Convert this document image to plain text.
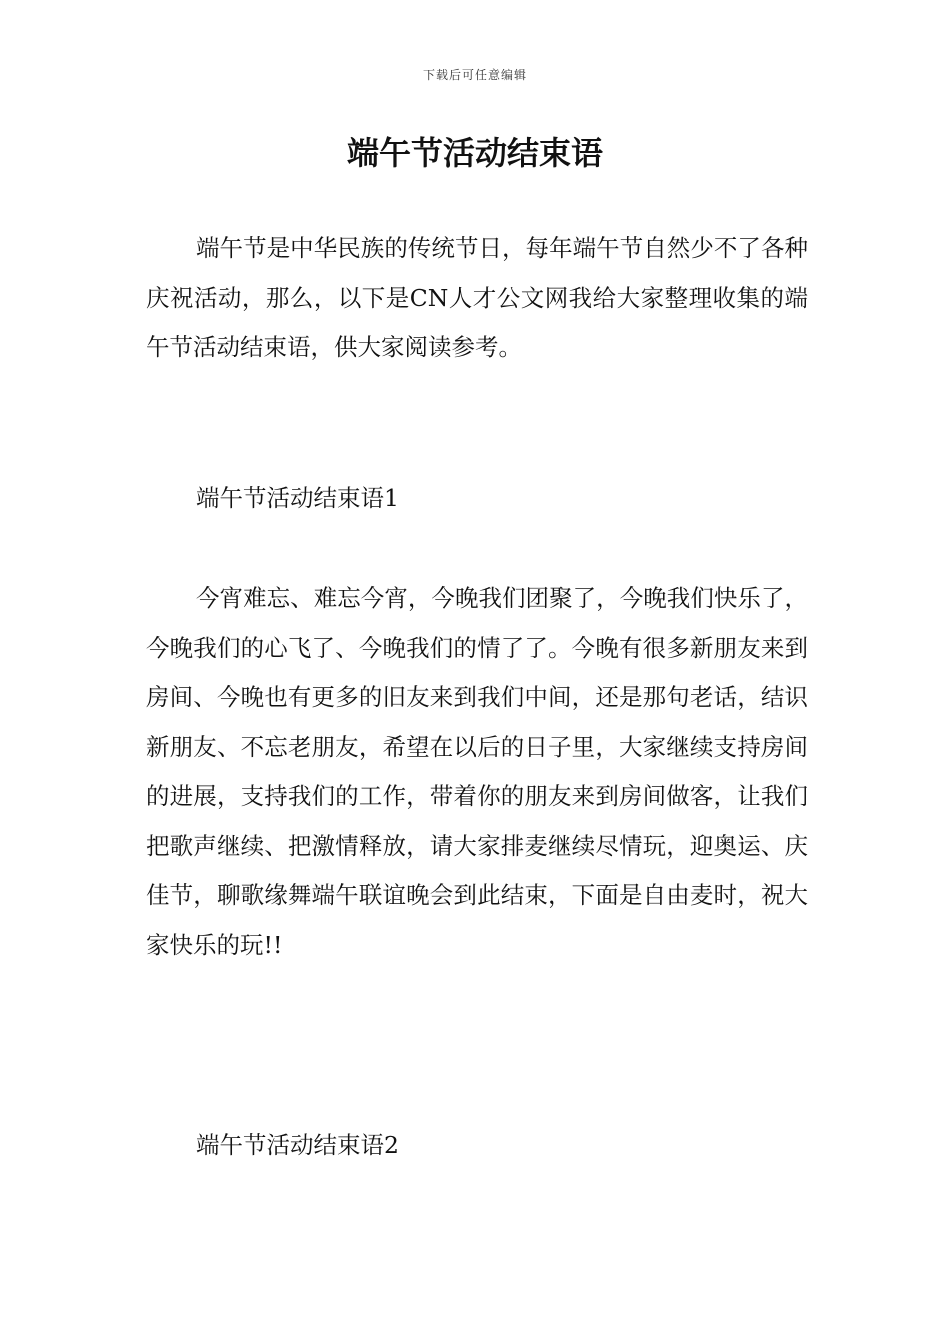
下载后可任意编辑
端午节活动结束语

端午节是中华民族的传统节日，每年端午节自然少不了各种庆祝活动，那么，以下是CN人才公文网我给大家整理收集的端午节活动结束语，供大家阅读参考。

端午节活动结束语1

今宵难忘、难忘今宵，今晚我们团聚了，今晚我们快乐了，今晚我们的心飞了、今晚我们的情了了。今晚有很多新朋友来到房间、今晚也有更多的旧友来到我们中间，还是那句老话，结识新朋友、不忘老朋友，希望在以后的日子里，大家继续支持房间的进展，支持我们的工作，带着你的朋友来到房间做客，让我们把歌声继续、把激情释放，请大家排麦继续尽情玩，迎奥运、庆佳节，聊歌缘舞端午联谊晚会到此结束，下面是自由麦时，祝大家快乐的玩!!

端午节活动结束语2
